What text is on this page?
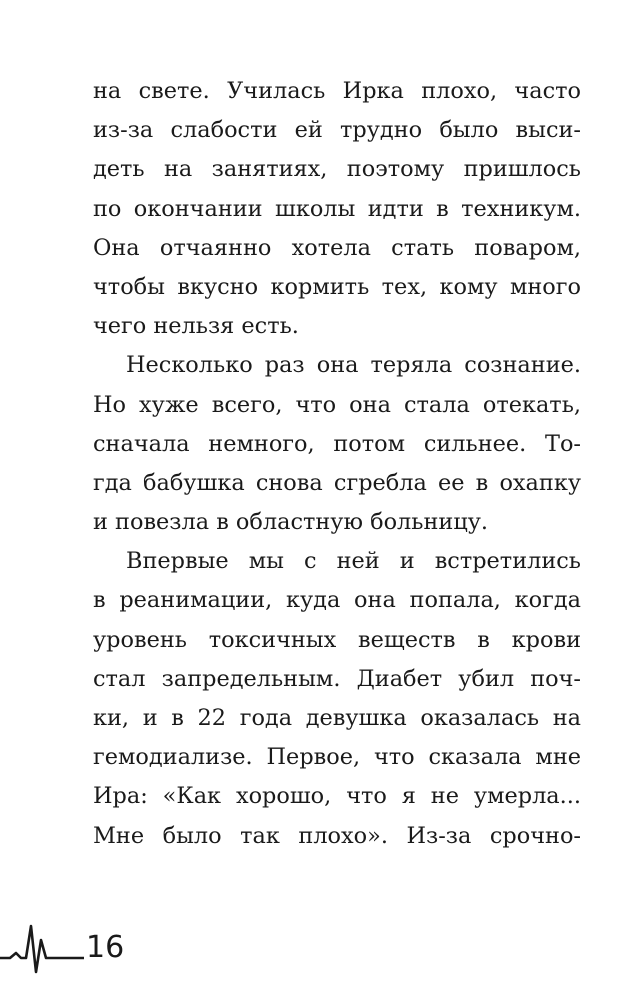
на свете. Училась Ирка плохо, часто
из-за слабости ей трудно было выси-
деть на занятиях, поэтому пришлось
по окончании школы идти в техникум.
Она отчаянно хотела стать поваром,
чтобы вкусно кормить тех, кому много
чего нельзя есть.
Несколько раз она теряла сознание.
Но хуже всего, что она стала отекать,
сначала немного, потом сильнее. То-
гда бабушка снова сгребла ее в охапку
и повезла в областную больницу.
Впервые мы с ней и встретились
в реанимации, куда она попала, когда
уровень токсичных веществ в крови
стал запредельным. Диабет убил поч-
ки, и в 22 года девушка оказалась на
гемодиализе. Первое, что сказала мне
Ира: «Как хорошо, что я не умерла...
Мне было так плохо». Из-за срочно-
16
